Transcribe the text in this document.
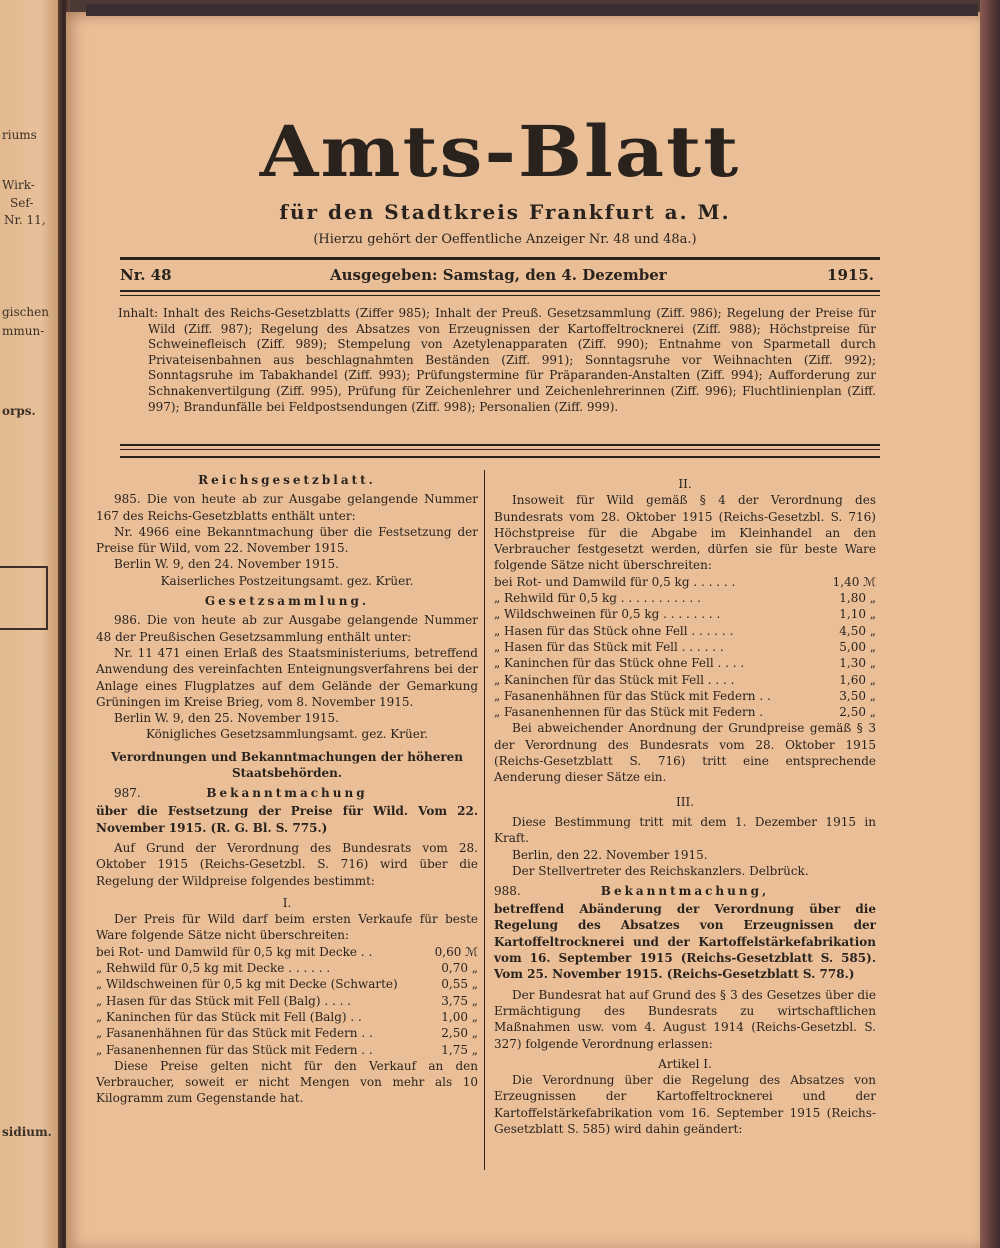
riums
Wirk-
Sef-
Nr. 11,
gischen
mmun-
orps.
sidium.
Amts-Blatt
für den Stadtkreis Frankfurt a. M.
(Hierzu gehört der Oeffentliche Anzeiger Nr. 48 und 48a.)
Nr. 48	Ausgegeben: Samstag, den 4. Dezember	1915.
Inhalt: Inhalt des Reichs-Gesetzblatts (Ziffer 985); Inhalt der Preuß. Gesetzsammlung (Ziff. 986); Regelung der Preise für Wild (Ziff. 987); Regelung des Absatzes von Erzeugnissen der Kartoffeltrocknerei (Ziff. 988); Höchstpreise für Schweinefleisch (Ziff. 989); Stempelung von Azetylenapparaten (Ziff. 990); Entnahme von Sparmetall durch Privateisenbahnen aus beschlagnahmten Beständen (Ziff. 991); Sonntagsruhe vor Weihnachten (Ziff. 992); Sonntagsruhe im Tabakhandel (Ziff. 993); Prüfungstermine für Präparanden-Anstalten (Ziff. 994); Aufforderung zur Schnakenvertilgung (Ziff. 995), Prüfung für Zeichenlehrer und Zeichenlehrerinnen (Ziff. 996); Fluchtlinienplan (Ziff. 997); Brandunfälle bei Feldpostsendungen (Ziff. 998); Personalien (Ziff. 999).

Reichsgesetzblatt.

985. Die von heute ab zur Ausgabe gelangende Nummer 167 des Reichs-Gesetzblatts enthält unter:

Nr. 4966 eine Bekanntmachung über die Festsetzung der Preise für Wild, vom 22. November 1915.

Berlin W. 9, den 24. November 1915.

Kaiserliches Postzeitungsamt. gez. Krüer.

Gesetzsammlung.

986. Die von heute ab zur Ausgabe gelangende Nummer 48 der Preußischen Gesetzsammlung enthält unter:

Nr. 11 471 einen Erlaß des Staatsministeriums, betreffend Anwendung des vereinfachten Enteignungsverfahrens bei der Anlage eines Flugplatzes auf dem Gelände der Gemarkung Grüningen im Kreise Brieg, vom 8. November 1915.

Berlin W. 9, den 25. November 1915.

Königliches Gesetzsammlungsamt. gez. Krüer.

Verordnungen und Bekanntmachungen der höheren Staatsbehörden.

987.	Bekanntmachung

über die Festsetzung der Preise für Wild. Vom 22. November 1915. (R. G. Bl. S. 775.)

Auf Grund der Verordnung des Bundesrats vom 28. Oktober 1915 (Reichs-Gesetzbl. S. 716) wird über die Regelung der Wildpreise folgendes bestimmt:

I.

Der Preis für Wild darf beim ersten Verkaufe für beste Ware folgende Sätze nicht überschreiten:

bei Rot- und Damwild für 0,5 kg mit Decke . .	0,60 ℳ
„ Rehwild für 0,5 kg mit Decke . . . . . .	0,70 „
„ Wildschweinen für 0,5 kg mit Decke (Schwarte)	0,55 „
„ Hasen für das Stück mit Fell (Balg) . . . .	3,75 „
„ Kaninchen für das Stück mit Fell (Balg) . .	1,00 „
„ Fasanenhähnen für das Stück mit Federn . .	2,50 „
„ Fasanenhennen für das Stück mit Federn . .	1,75 „

Diese Preise gelten nicht für den Verkauf an den Verbraucher, soweit er nicht Mengen von mehr als 10 Kilogramm zum Gegenstande hat.

II.

Insoweit für Wild gemäß § 4 der Verordnung des Bundesrats vom 28. Oktober 1915 (Reichs-Gesetzbl. S. 716) Höchstpreise für die Abgabe im Kleinhandel an den Verbraucher festgesetzt werden, dürfen sie für beste Ware folgende Sätze nicht überschreiten:

bei Rot- und Damwild für 0,5 kg . . . . . .	1,40 ℳ
„ Rehwild für 0,5 kg . . . . . . . . . . .	1,80 „
„ Wildschweinen für 0,5 kg . . . . . . . .	1,10 „
„ Hasen für das Stück ohne Fell . . . . . .	4,50 „
„ Hasen für das Stück mit Fell . . . . . .	5,00 „
„ Kaninchen für das Stück ohne Fell . . . .	1,30 „
„ Kaninchen für das Stück mit Fell . . . .	1,60 „
„ Fasanenhähnen für das Stück mit Federn . .	3,50 „
„ Fasanenhennen für das Stück mit Federn .	2,50 „

Bei abweichender Anordnung der Grundpreise gemäß § 3 der Verordnung des Bundesrats vom 28. Oktober 1915 (Reichs-Gesetzblatt S. 716) tritt eine entsprechende Aenderung dieser Sätze ein.

III.

Diese Bestimmung tritt mit dem 1. Dezember 1915 in Kraft.

Berlin, den 22. November 1915.

Der Stellvertreter des Reichskanzlers. Delbrück.

988.	Bekanntmachung,

betreffend Abänderung der Verordnung über die Regelung des Absatzes von Erzeugnissen der Kartoffeltrocknerei und der Kartoffelstärkefabrikation vom 16. September 1915 (Reichs-Gesetzblatt S. 585). Vom 25. November 1915. (Reichs-Gesetzblatt S. 778.)

Der Bundesrat hat auf Grund des § 3 des Gesetzes über die Ermächtigung des Bundesrats zu wirtschaftlichen Maßnahmen usw. vom 4. August 1914 (Reichs-Gesetzbl. S. 327) folgende Verordnung erlassen:

Artikel I.

Die Verordnung über die Regelung des Absatzes von Erzeugnissen der Kartoffeltrocknerei und der Kartoffelstärkefabrikation vom 16. September 1915 (Reichs-Gesetzblatt S. 585) wird dahin geändert:
